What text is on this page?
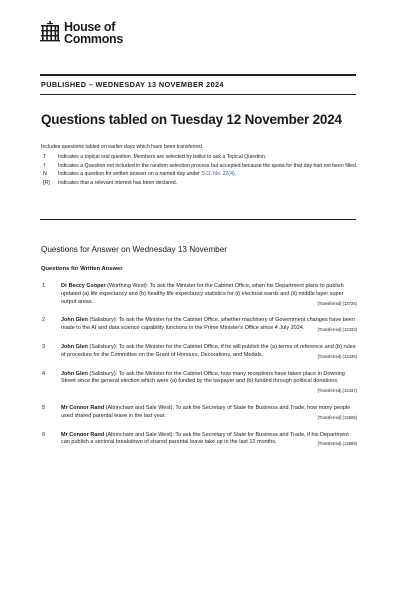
House of
Commons
PUBLISHED – WEDNESDAY 13 NOVEMBER 2024
Questions tabled on Tuesday 12 November 2024
Includes questions tabled on earlier days which have been transferred.
T	Indicates a topical oral question. Members are selected by ballot to ask a Topical Question.
†	Indicates a Question not included in the random selection process but accepted because the quota for that day had not been filled.
N	Indicates a question for written answer on a named day under S.O. No. 22(4).
[R]	Indicates that a relevant interest has been declared.
Questions for Answer on Wednesday 13 November
Questions for Written Answer
1	Dr Beccy Cooper (Worthing West): To ask the Minister for the Cabinet Office, when his Department plans to publish updated (a) life expectancy and (b) healthy life expectancy statistics for (i) electoral wards and (ii) middle layer super output areas.	[Transferred] (13726)
2	John Glen (Salisbury): To ask the Minister for the Cabinet Office, whether machinery of Government changes have been made to the AI and data science capability functions in the Prime Minister's Office since 4 July 2024.	[Transferred] (13433)
3	John Glen (Salisbury): To ask the Minister for the Cabinet Office, if he will publish the (a) terms of reference and (b) rules of procedure for the Committee on the Grant of Honours, Decorations, and Medals.	[Transferred] (13436)
4	John Glen (Salisbury): To ask the Minister for the Cabinet Office, how many receptions have taken place in Downing Street since the general election which were (a) funded by the taxpayer and (b) funded through political donations.
[Transferred] (13437)
5	Mr Connor Rand (Altrincham and Sale West): To ask the Secretary of State for Business and Trade, how many people used shared parental leave in the last year.	[Transferred] (13608)
6	Mr Connor Rand (Altrincham and Sale West): To ask the Secretary of State for Business and Trade, if his Department can publish a sectoral breakdown of shared parental leave take up in the last 12 months.	[Transferred] (13609)
